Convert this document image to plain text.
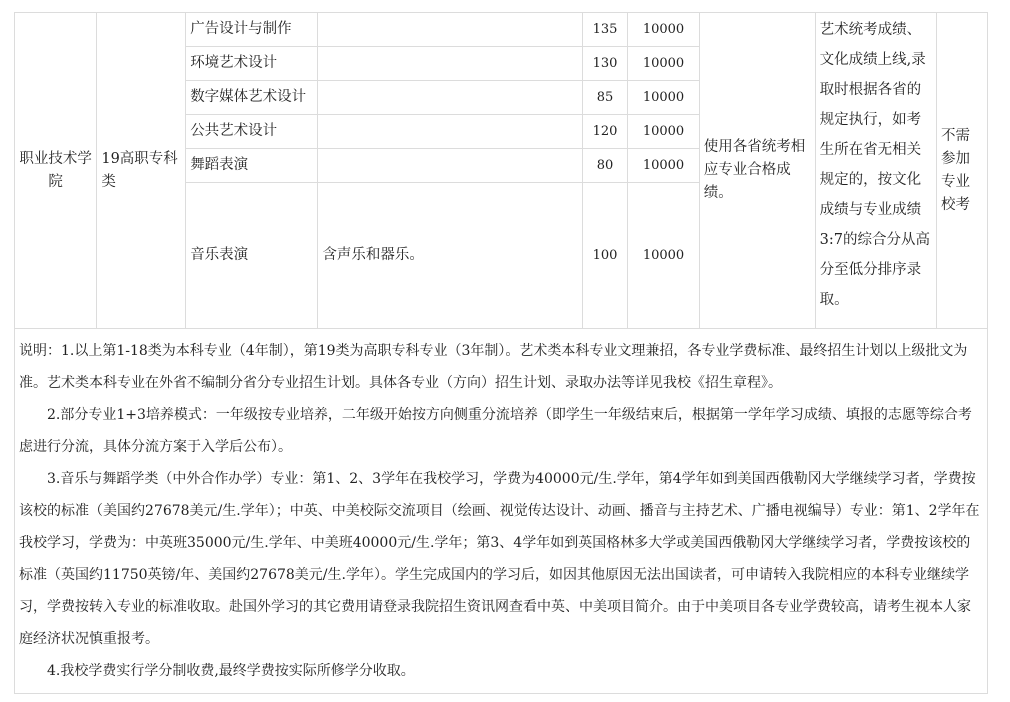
职业技术学院	19高职专科类	广告设计与制作		135	10000	使用各省统考相应专业合格成绩。	艺术统考成绩、文化成绩上线,录取时根据各省的规定执行，如考生所在省无相关规定的，按文化成绩与专业成绩3:7的综合分从高分至低分排序录取。	不需参加专业校考
		环境艺术设计		130	10000			
		数字媒体艺术设计		85	10000			
		公共艺术设计		120	10000			
		舞蹈表演		80	10000			
		音乐表演	含声乐和器乐。	100	10000			

说明：1.以上第1-18类为本科专业（4年制），第19类为高职专科专业（3年制）。艺术类本科专业文理兼招，各专业学费标准、最终招生计划以上级批文为准。艺术类本科专业在外省不编制分省分专业招生计划。具体各专业（方向）招生计划、录取办法等详见我校《招生章程》。

2.部分专业1+3培养模式：一年级按专业培养，二年级开始按方向侧重分流培养（即学生一年级结束后，根据第一学年学习成绩、填报的志愿等综合考虑进行分流，具体分流方案于入学后公布）。

3.音乐与舞蹈学类（中外合作办学）专业：第1、2、3学年在我校学习，学费为40000元/生.学年，第4学年如到美国西俄勒冈大学继续学习者，学费按该校的标准（美国约27678美元/生.学年）；中英、中美校际交流项目（绘画、视觉传达设计、动画、播音与主持艺术、广播电视编导）专业：第1、2学年在我校学习，学费为：中英班35000元/生.学年、中美班40000元/生.学年；第3、4学年如到英国格林多大学或美国西俄勒冈大学继续学习者，学费按该校的标准（英国约11750英镑/年、美国约27678美元/生.学年）。学生完成国内的学习后，如因其他原因无法出国读者，可申请转入我院相应的本科专业继续学习，学费按转入专业的标准收取。赴国外学习的其它费用请登录我院招生资讯网查看中英、中美项目简介。由于中美项目各专业学费较高，请考生视本人家庭经济状况慎重报考。

4.我校学费实行学分制收费,最终学费按实际所修学分收取。
